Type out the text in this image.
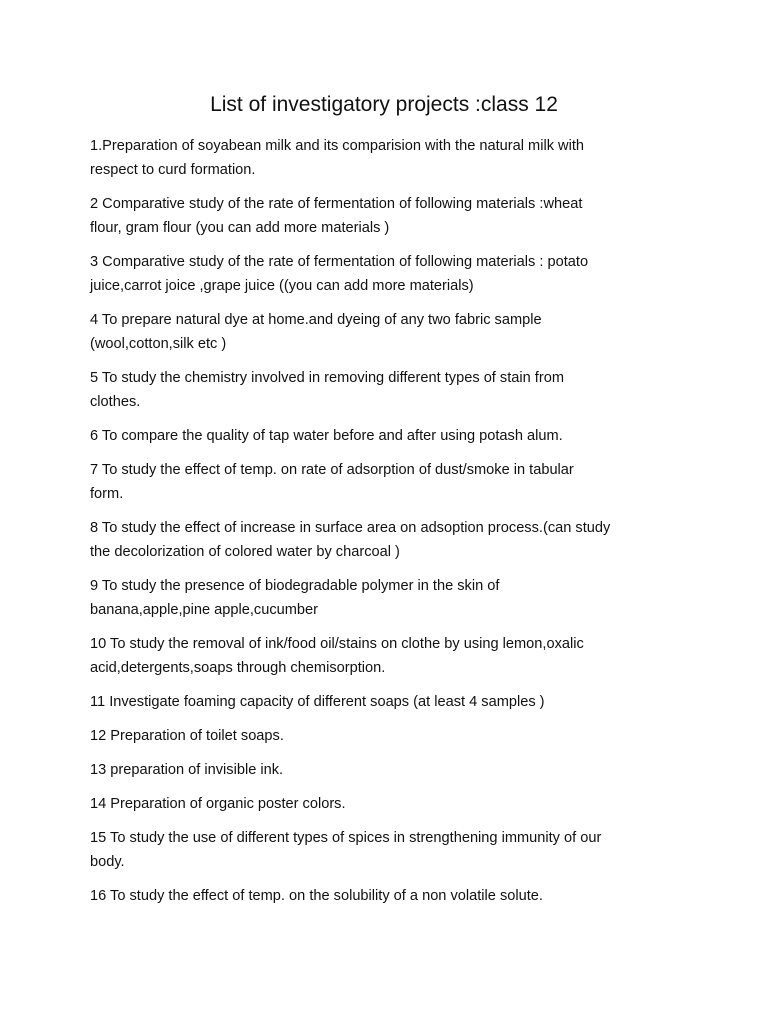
List of investigatory projects :class 12
1.Preparation of soyabean milk and its comparision with the natural milk with
respect to curd formation.
2 Comparative study of the rate of fermentation of following materials :wheat
flour, gram flour (you can add more materials )
3 Comparative study of the rate of fermentation of following materials : potato
juice,carrot joice ,grape juice ((you can add more materials)
4 To prepare natural dye at home.and dyeing of any two fabric sample
(wool,cotton,silk etc )
5 To study the chemistry involved in removing different types of stain from
clothes.
6 To compare the quality of tap water before and after using potash alum.
7 To study the effect of temp. on rate of adsorption of dust/smoke in tabular
form.
8 To study the effect of increase in surface area on adsoption process.(can study
the decolorization of colored water by charcoal )
9 To study the presence of biodegradable polymer in the skin of
banana,apple,pine apple,cucumber
10 To study the removal of ink/food oil/stains on clothe by using lemon,oxalic
acid,detergents,soaps through chemisorption.
11 Investigate foaming capacity of different soaps (at least 4 samples )
12 Preparation of toilet soaps.
13 preparation of invisible ink.
14 Preparation of organic poster colors.
15 To study the use of different types of spices in strengthening immunity of our
body.
16 To study the effect of temp. on the solubility of a non volatile solute.
